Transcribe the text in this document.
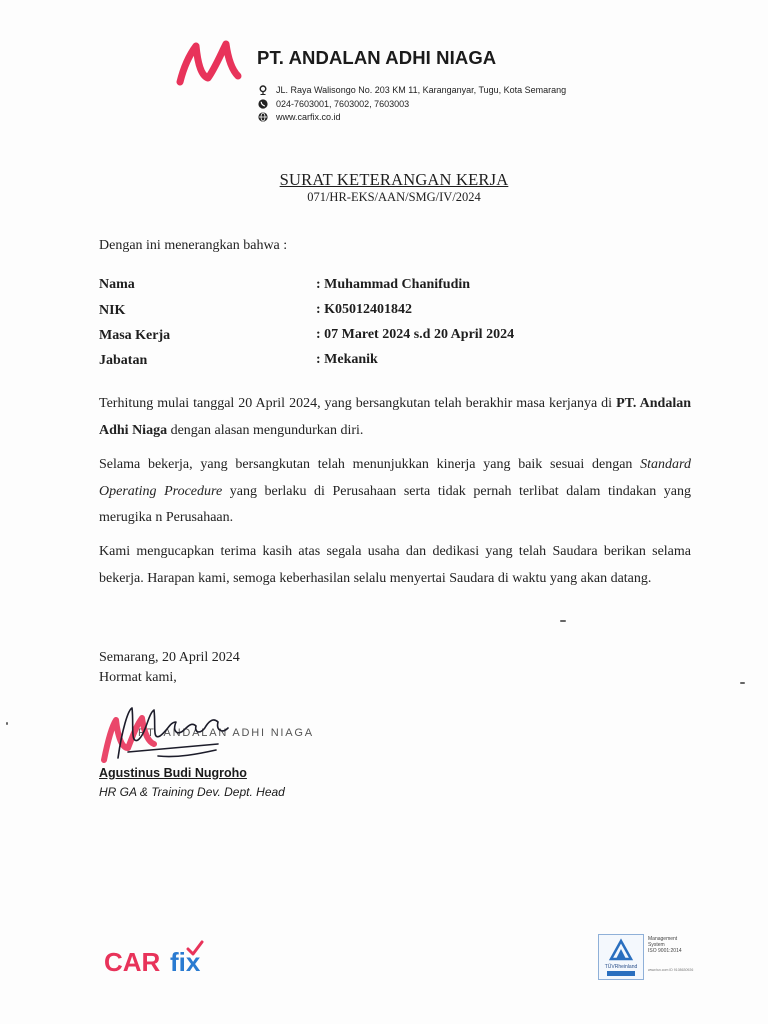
PT. ANDALAN ADHI NIAGA
JL. Raya Walisongo No. 203 KM 11, Karanganyar, Tugu, Kota Semarang
024-7603001, 7603002, 7603003
www.carfix.co.id
SURAT KETERANGAN KERJA
071/HR-EKS/AAN/SMG/IV/2024
Dengan ini menerangkan bahwa :
Nama	: Muhammad Chanifudin
NIK	: K05012401842
Masa Kerja	: 07 Maret 2024 s.d 20 April 2024
Jabatan	: Mekanik
Terhitung mulai tanggal 20 April 2024, yang bersangkutan telah berakhir masa kerjanya di PT. Andalan Adhi Niaga dengan alasan mengundurkan diri.
Selama bekerja, yang bersangkutan telah menunjukkan kinerja yang baik sesuai dengan Standard Operating Procedure yang berlaku di Perusahaan serta tidak pernah terlibat dalam tindakan yang merugika n Perusahaan.
Kami mengucapkan terima kasih atas segala usaha dan dedikasi yang telah Saudara berikan selama bekerja. Harapan kami, semoga keberhasilan selalu menyertai Saudara di waktu yang akan datang.
Semarang, 20 April 2024
Hormat kami,
PT. ANDALAN ADHI NIAGA
Agustinus Budi Nugroho
HR GA & Training Dev. Dept. Head
CAR fix	TÜVRheinland
Management System
ISO 9001:2014
www.tuv.com ID 9108630926
